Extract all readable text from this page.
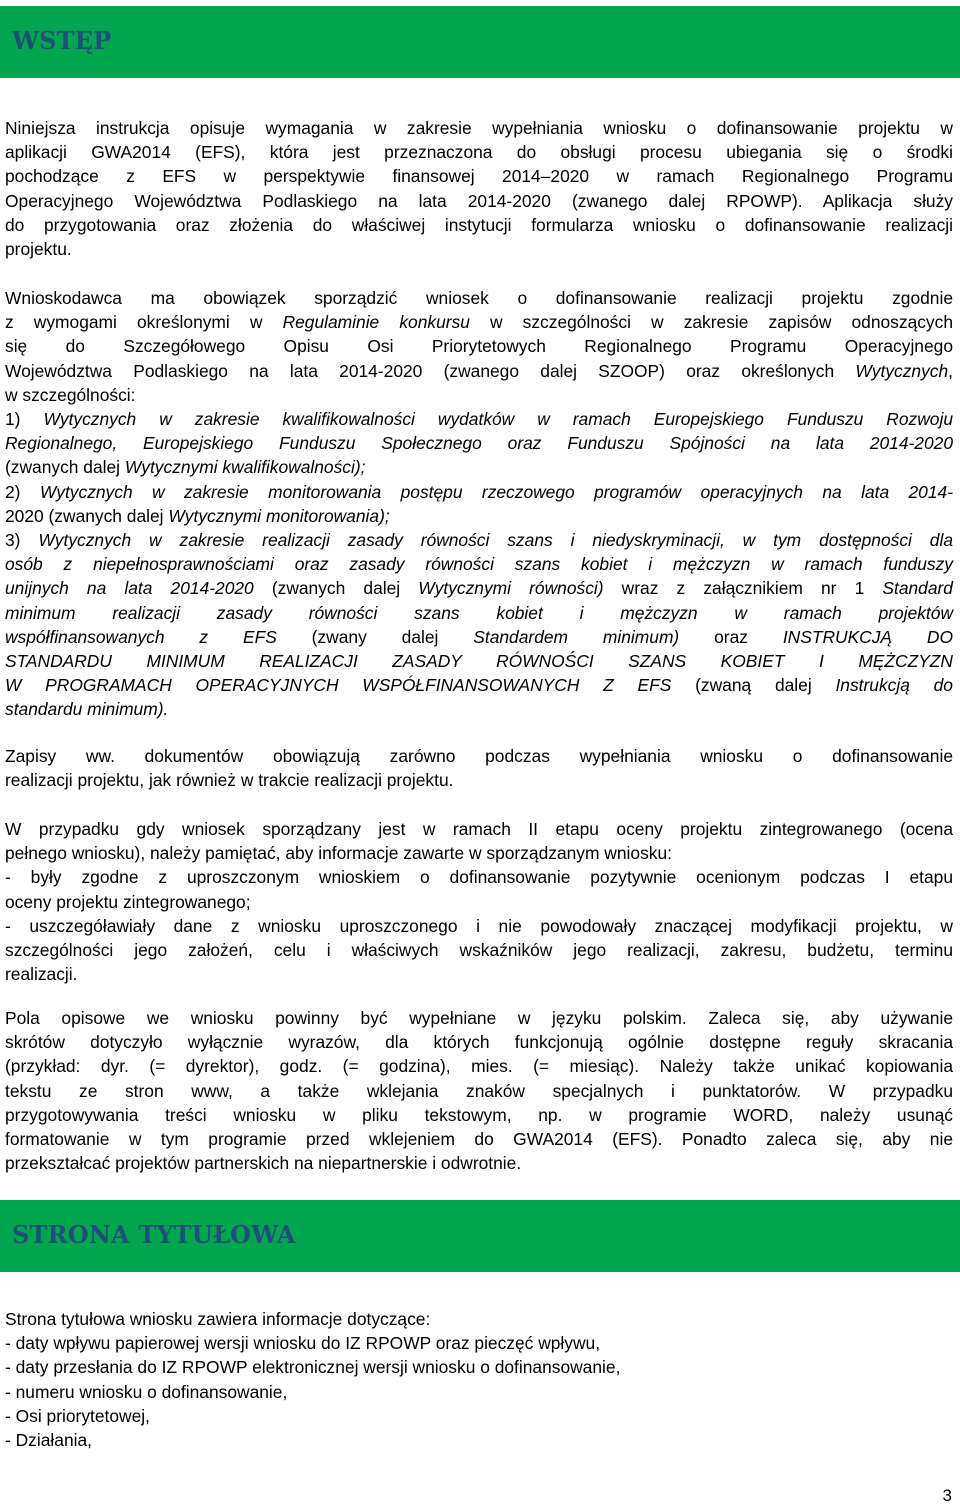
WSTĘP
Niniejsza instrukcja opisuje wymagania w zakresie wypełniania wniosku o dofinansowanie projektu w
aplikacji GWA2014 (EFS), która jest przeznaczona do obsługi procesu ubiegania się o środki
pochodzące z EFS w perspektywie finansowej 2014–2020 w ramach Regionalnego Programu
Operacyjnego Województwa Podlaskiego na lata 2014-2020 (zwanego dalej RPOWP). Aplikacja służy
do przygotowania oraz złożenia do właściwej instytucji formularza wniosku o dofinansowanie realizacji
projektu.
Wnioskodawca ma obowiązek sporządzić wniosek o dofinansowanie realizacji projektu zgodnie
z wymogami określonymi w Regulaminie konkursu w szczególności w zakresie zapisów odnoszących
się do Szczegółowego Opisu Osi Priorytetowych Regionalnego Programu Operacyjnego
Województwa Podlaskiego na lata 2014-2020 (zwanego dalej SZOOP) oraz określonych Wytycznych,
w szczególności:
1) Wytycznych w zakresie kwalifikowalności wydatków w ramach Europejskiego Funduszu Rozwoju
Regionalnego, Europejskiego Funduszu Społecznego oraz Funduszu Spójności na lata 2014-2020
(zwanych dalej Wytycznymi kwalifikowalności);
2) Wytycznych w zakresie monitorowania postępu rzeczowego programów operacyjnych na lata 2014-
2020 (zwanych dalej Wytycznymi monitorowania);
3) Wytycznych w zakresie realizacji zasady równości szans i niedyskryminacji, w tym dostępności dla
osób z niepełnosprawnościami oraz zasady równości szans kobiet i mężczyzn w ramach funduszy
unijnych na lata 2014-2020 (zwanych dalej Wytycznymi równości) wraz z załącznikiem nr 1 Standard
minimum realizacji zasady równości szans kobiet i mężczyzn w ramach projektów
współfinansowanych z EFS (zwany dalej Standardem minimum) oraz INSTRUKCJĄ DO
STANDARDU MINIMUM REALIZACJI ZASADY RÓWNOŚCI SZANS KOBIET I MĘŻCZYZN
W PROGRAMACH OPERACYJNYCH WSPÓŁFINANSOWANYCH Z EFS (zwaną dalej Instrukcją do
standardu minimum).
Zapisy ww. dokumentów obowiązują zarówno podczas wypełniania wniosku o dofinansowanie
realizacji projektu, jak również w trakcie realizacji projektu.
W przypadku gdy wniosek sporządzany jest w ramach II etapu oceny projektu zintegrowanego (ocena
pełnego wniosku), należy pamiętać, aby informacje zawarte w sporządzanym wniosku:
- były zgodne z uproszczonym wnioskiem o dofinansowanie pozytywnie ocenionym podczas I etapu
oceny projektu zintegrowanego;
- uszczegóławiały dane z wniosku uproszczonego i nie powodowały znaczącej modyfikacji projektu, w
szczególności jego założeń, celu i właściwych wskaźników jego realizacji, zakresu, budżetu, terminu
realizacji.
Pola opisowe we wniosku powinny być wypełniane w języku polskim. Zaleca się, aby używanie
skrótów dotyczyło wyłącznie wyrazów, dla których funkcjonują ogólnie dostępne reguły skracania
(przykład: dyr. (= dyrektor), godz. (= godzina), mies. (= miesiąc). Należy także unikać kopiowania
tekstu ze stron www, a także wklejania znaków specjalnych i punktatorów. W przypadku
przygotowywania treści wniosku w pliku tekstowym, np. w programie WORD, należy usunąć
formatowanie w tym programie przed wklejeniem do GWA2014 (EFS). Ponadto zaleca się, aby nie
przekształcać projektów partnerskich na niepartnerskie i odwrotnie.
STRONA TYTUŁOWA
Strona tytułowa wniosku zawiera informacje dotyczące:
- daty wpływu papierowej wersji wniosku do IZ RPOWP oraz pieczęć wpływu,
- daty przesłania do IZ RPOWP elektronicznej wersji wniosku o dofinansowanie,
- numeru wniosku o dofinansowanie,
- Osi priorytetowej,
- Działania,
3
